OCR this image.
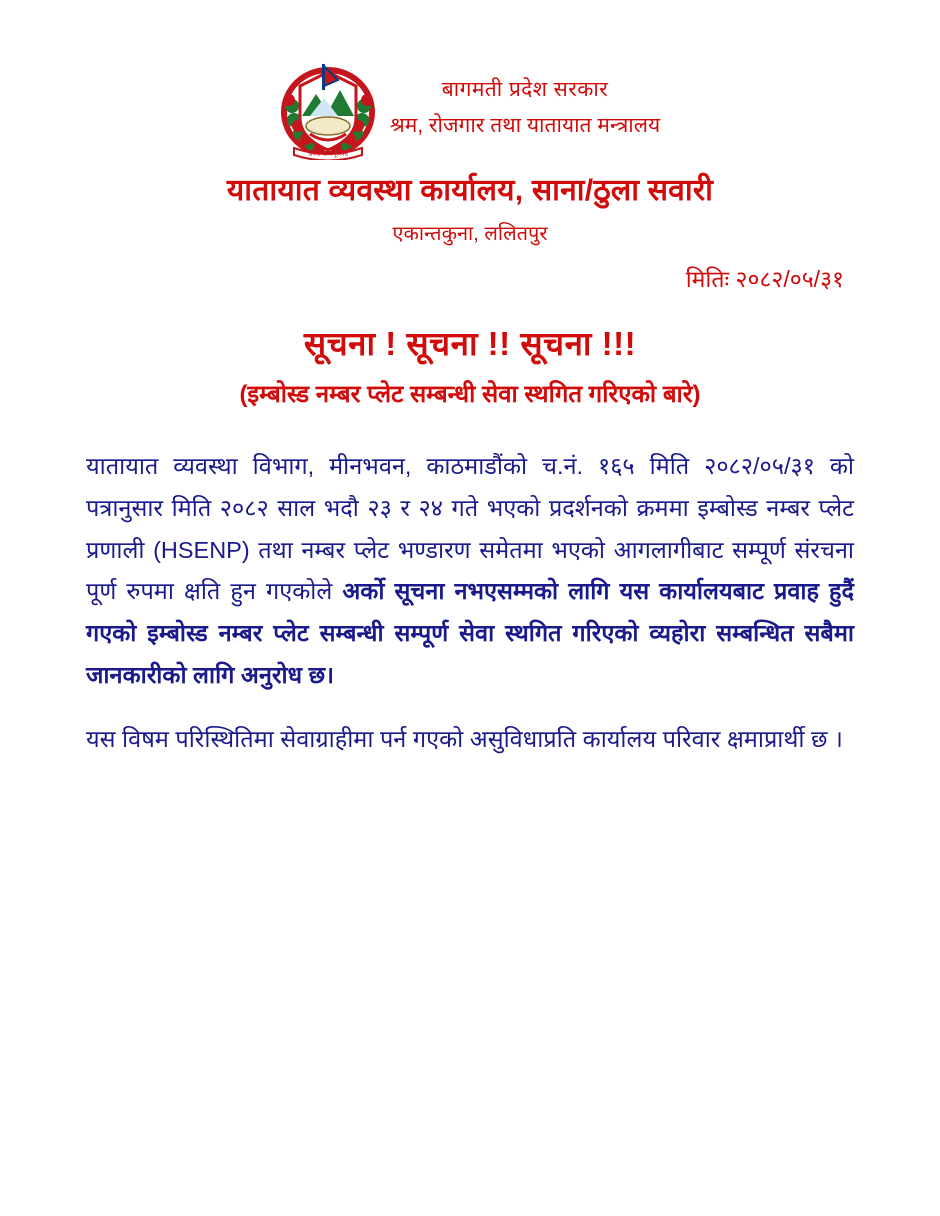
जननी जन्मभूमिश्च
बागमती प्रदेश सरकार
श्रम, रोजगार तथा यातायात मन्त्रालय
यातायात व्यवस्था कार्यालय, साना/ठुला सवारी
एकान्तकुना, ललितपुर
मितिः २०८२/०५/३१
सूचना ! सूचना !! सूचना !!!
(इम्बोस्ड नम्बर प्लेट सम्बन्धी सेवा स्थगित गरिएको बारे)

यातायात व्यवस्था विभाग, मीनभवन, काठमाडौंको च.नं. १६५ मिति २०८२/०५/३१ को पत्रानुसार मिति २०८२ साल भदौ २३ र २४ गते भएको प्रदर्शनको क्रममा इम्बोस्ड नम्बर प्लेट प्रणाली (HSENP) तथा नम्बर प्लेट भण्डारण समेतमा भएको आगलागीबाट सम्पूर्ण संरचना पूर्ण रुपमा क्षति हुन गएकोले अर्को सूचना नभएसम्मको लागि यस कार्यालयबाट प्रवाह हुदैं गएको इम्बोस्ड नम्बर प्लेट सम्बन्धी सम्पूर्ण सेवा स्थगित गरिएको व्यहोरा सम्बन्धित सबैमा जानकारीको लागि अनुरोध छ।

यस विषम परिस्थितिमा सेवाग्राहीमा पर्न गएको असुविधाप्रति कार्यालय परिवार क्षमाप्रार्थी छ ।
